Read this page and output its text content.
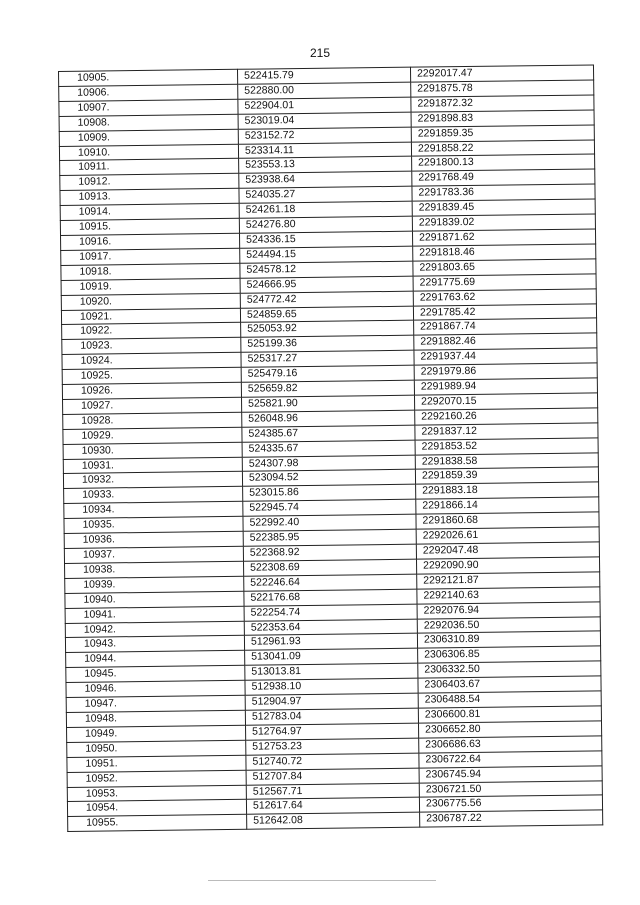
215
10905.	522415.79	2292017.47
10906.	522880.00	2291875.78
10907.	522904.01	2291872.32
10908.	523019.04	2291898.83
10909.	523152.72	2291859.35
10910.	523314.11	2291858.22
10911.	523553.13	2291800.13
10912.	523938.64	2291768.49
10913.	524035.27	2291783.36
10914.	524261.18	2291839.45
10915.	524276.80	2291839.02
10916.	524336.15	2291871.62
10917.	524494.15	2291818.46
10918.	524578.12	2291803.65
10919.	524666.95	2291775.69
10920.	524772.42	2291763.62
10921.	524859.65	2291785.42
10922.	525053.92	2291867.74
10923.	525199.36	2291882.46
10924.	525317.27	2291937.44
10925.	525479.16	2291979.86
10926.	525659.82	2291989.94
10927.	525821.90	2292070.15
10928.	526048.96	2292160.26
10929.	524385.67	2291837.12
10930.	524335.67	2291853.52
10931.	524307.98	2291838.58
10932.	523094.52	2291859.39
10933.	523015.86	2291883.18
10934.	522945.74	2291866.14
10935.	522992.40	2291860.68
10936.	522385.95	2292026.61
10937.	522368.92	2292047.48
10938.	522308.69	2292090.90
10939.	522246.64	2292121.87
10940.	522176.68	2292140.63
10941.	522254.74	2292076.94
10942.	522353.64	2292036.50
10943.	512961.93	2306310.89
10944.	513041.09	2306306.85
10945.	513013.81	2306332.50
10946.	512938.10	2306403.67
10947.	512904.97	2306488.54
10948.	512783.04	2306600.81
10949.	512764.97	2306652.80
10950.	512753.23	2306686.63
10951.	512740.72	2306722.64
10952.	512707.84	2306745.94
10953.	512567.71	2306721.50
10954.	512617.64	2306775.56
10955.	512642.08	2306787.22
